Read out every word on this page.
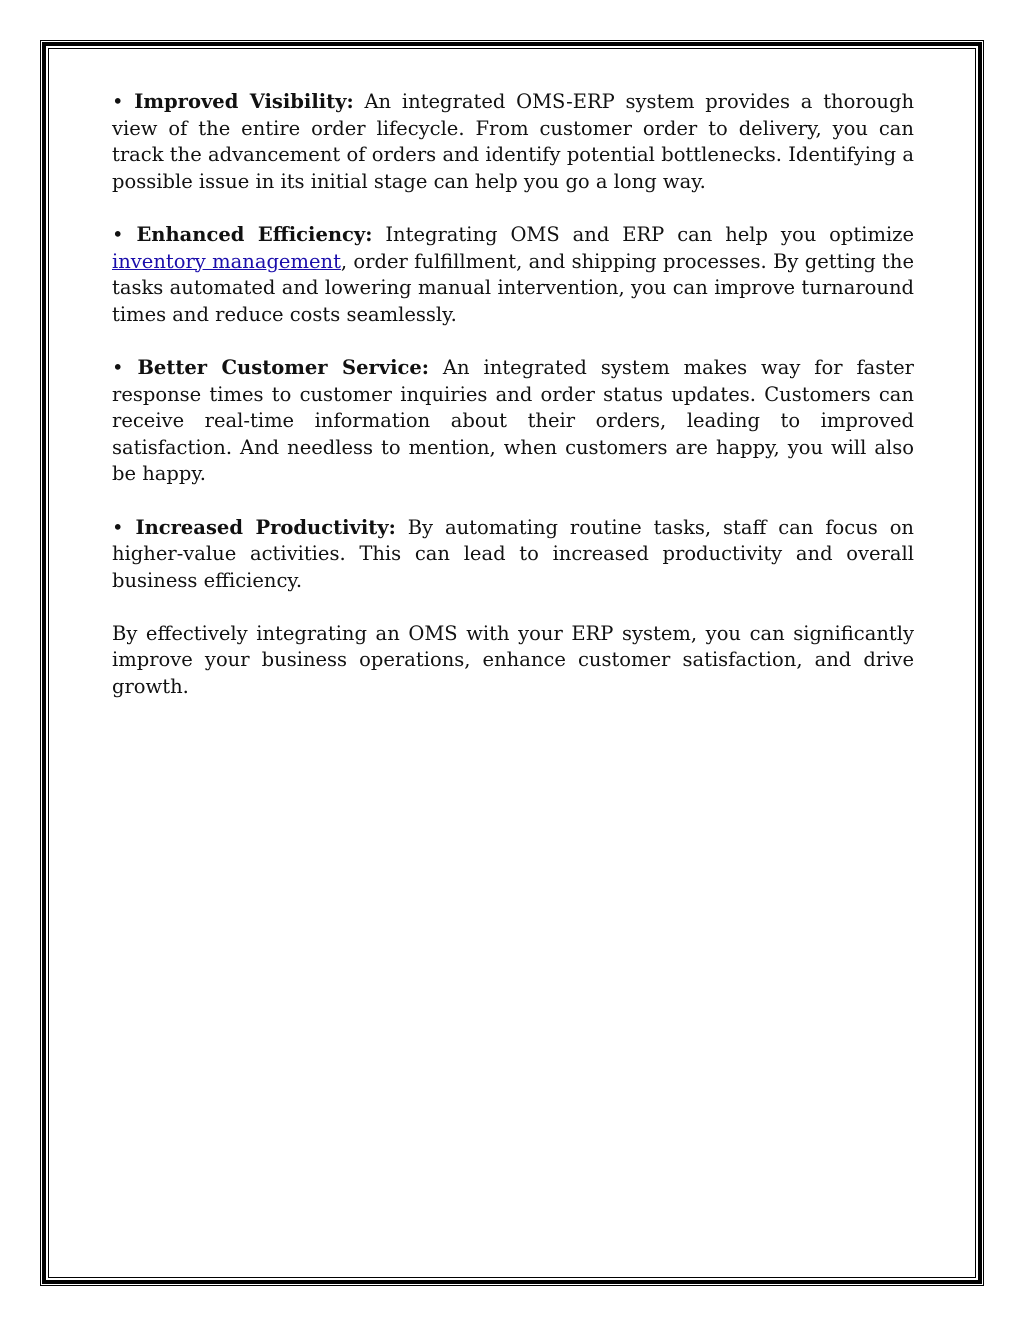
• Improved Visibility: An integrated OMS-ERP system provides a thorough view of the entire order lifecycle. From customer order to delivery, you can track the advancement of orders and identify potential bottlenecks. Identifying a possible issue in its initial stage can help you go a long way.

• Enhanced Efficiency: Integrating OMS and ERP can help you optimize inventory management, order fulfillment, and shipping processes. By getting the tasks automated and lowering manual intervention, you can improve turnaround times and reduce costs seamlessly.

• Better Customer Service: An integrated system makes way for faster response times to customer inquiries and order status updates. Customers can receive real-time information about their orders, leading to improved satisfaction. And needless to mention, when customers are happy, you will also be happy.

• Increased Productivity: By automating routine tasks, staff can focus on higher-value activities. This can lead to increased productivity and overall business efficiency.

By effectively integrating an OMS with your ERP system, you can significantly improve your business operations, enhance customer satisfaction, and drive growth.
